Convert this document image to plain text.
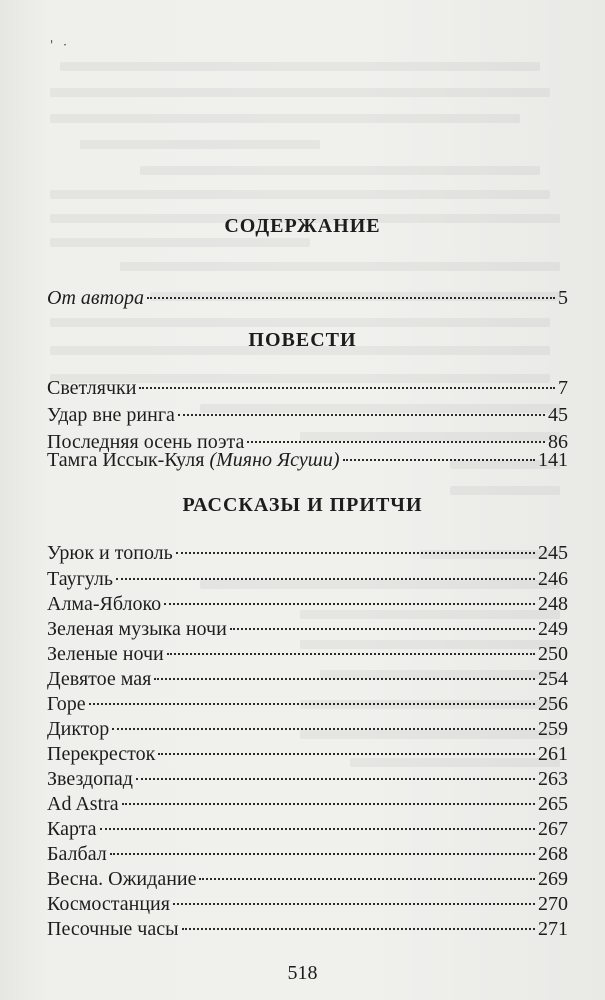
' ·
СОДЕРЖАНИЕ
От автора	5
ПОВЕСТИ
Светлячки	7
Удар вне ринга	45
Последняя осень поэта	86
Тамга Иссык-Куля (Мияно Ясуши)	141
РАССКАЗЫ И ПРИТЧИ
Урюк и тополь	245
Таугуль	246
Алма-Яблоко	248
Зеленая музыка ночи	249
Зеленые ночи	250
Девятое мая	254
Горе	256
Диктор	259
Перекресток	261
Звездопад	263
Ad Astra	265
Карта	267
Балбал	268
Весна. Ожидание	269
Космостанция	270
Песочные часы	271
518
